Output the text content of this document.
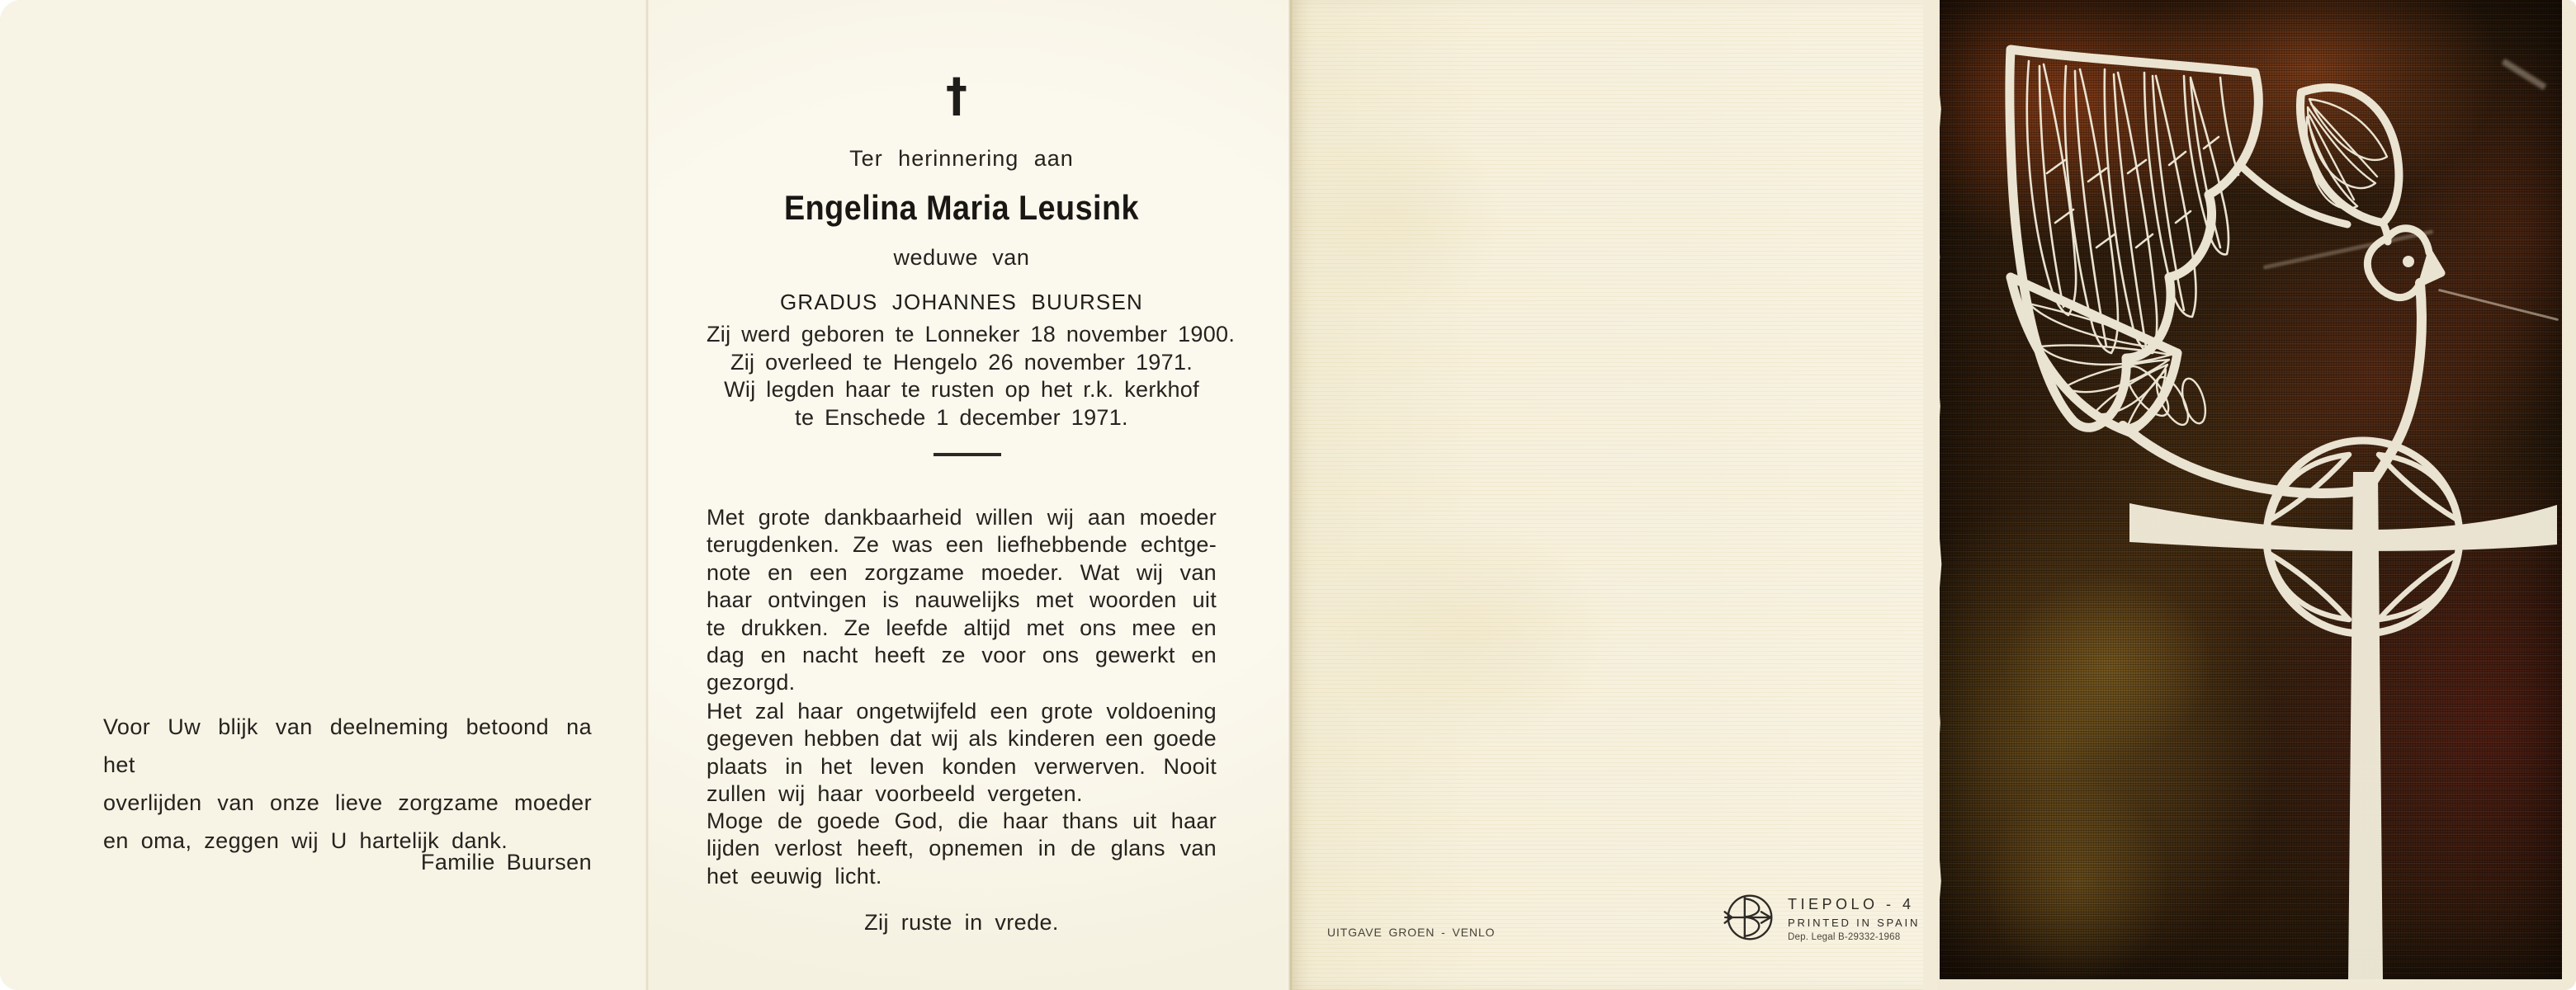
Voor Uw blijk van deelneming betoond na het
overlijden van onze lieve zorgzame moeder
en oma, zeggen wij U hartelijk dank.
Familie Buursen
†
Ter herinnering aan
Engelina Maria Leusink
weduwe van
GRADUS JOHANNES BUURSEN
Zij werd geboren te Lonneker 18 november 1900.
Zij overleed te Hengelo 26 november 1971.
Wij legden haar te rusten op het r.k. kerkhof
te Enschede 1 december 1971.
Met grote dankbaarheid willen wij aan moeder
terugdenken. Ze was een liefhebbende echtge-
note en een zorgzame moeder. Wat wij van
haar ontvingen is nauwelijks met woorden uit
te drukken. Ze leefde altijd met ons mee en
dag en nacht heeft ze voor ons gewerkt en
gezorgd.
Het zal haar ongetwijfeld een grote voldoening
gegeven hebben dat wij als kinderen een goede
plaats in het leven konden verwerven. Nooit
zullen wij haar voorbeeld vergeten.
Moge de goede God, die haar thans uit haar
lijden verlost heeft, opnemen in de glans van
het eeuwig licht.
Zij ruste in vrede.	UITGAVE GROEN - VENLO
TIEPOLO - 4
PRINTED IN SPAIN
Dep. Legal B-29332-1968
